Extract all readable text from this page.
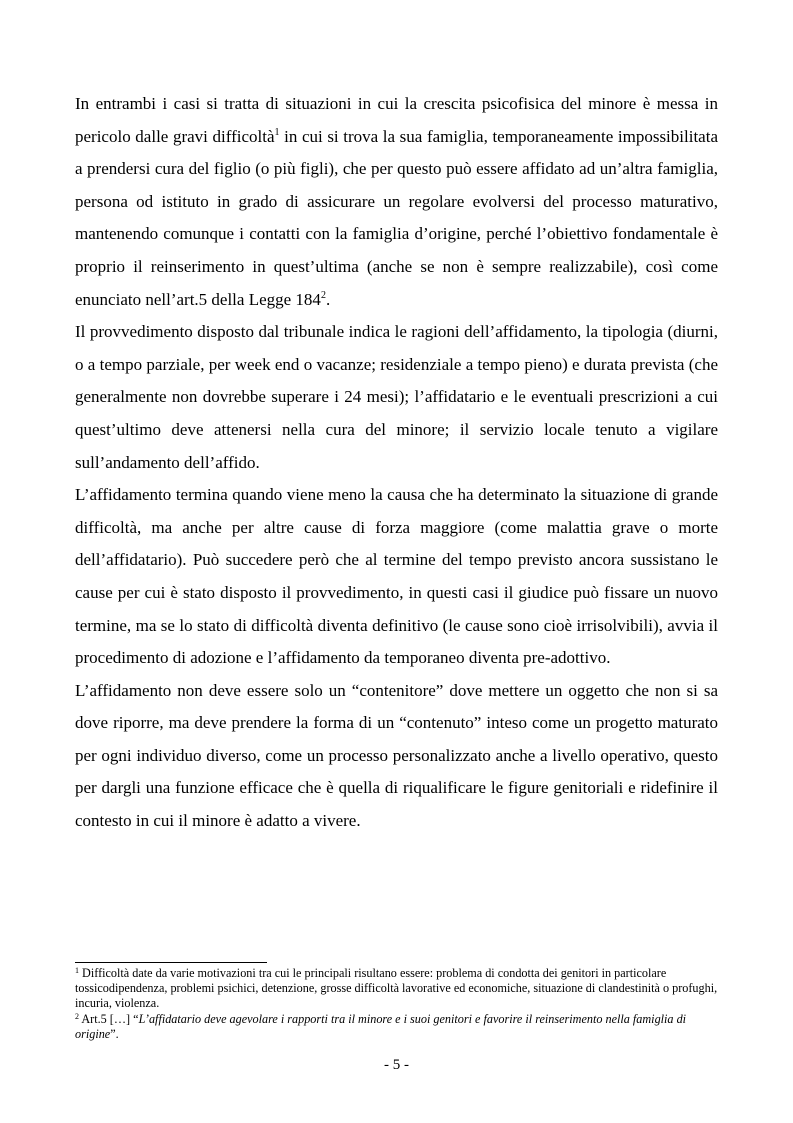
In entrambi i casi si tratta di situazioni in cui la crescita psicofisica del minore è messa in pericolo dalle gravi difficoltà$^1$ in cui si trova la sua famiglia, temporaneamente impossibilitata a prendersi cura del figlio (o più figli), che per questo può essere affidato ad un’altra famiglia, persona od istituto in grado di assicurare un regolare evolversi del processo maturativo, mantenendo comunque i contatti con la famiglia d’origine, perché l’obiettivo fondamentale è proprio il reinserimento in quest’ultima (anche se non è sempre realizzabile), così come enunciato nell’art.5 della Legge $184^2$.

Il provvedimento disposto dal tribunale indica le ragioni dell’affidamento, la tipologia (diurni, o a tempo parziale, per week end o vacanze; residenziale a tempo pieno) e durata prevista (che generalmente non dovrebbe superare i 24 mesi); l’affidatario e le eventuali prescrizioni a cui quest’ultimo deve attenersi nella cura del minore; il servizio locale tenuto a vigilare sull’andamento dell’affido.

L’affidamento termina quando viene meno la causa che ha determinato la situazione di grande difficoltà, ma anche per altre cause di forza maggiore (come malattia grave o morte dell’affidatario). Può succedere però che al termine del tempo previsto ancora sussistano le cause per cui è stato disposto il provvedimento, in questi casi il giudice può fissare un nuovo termine, ma se lo stato di difficoltà diventa definitivo (le cause sono cioè irrisolvibili), avvia il procedimento di adozione e l’affidamento da temporaneo diventa pre-adottivo.

L’affidamento non deve essere solo un “contenitore” dove mettere un oggetto che non si sa dove riporre, ma deve prendere la forma di un “contenuto” inteso come un progetto maturato per ogni individuo diverso, come un processo personalizzato anche a livello operativo, questo per dargli una funzione efficace che è quella di riqualificare le figure genitoriali e ridefinire il contesto in cui il minore è adatto a vivere.

$^1$ Difficoltà date da varie motivazioni tra cui le principali risultano essere: problema di condotta dei genitori in particolare tossicodipendenza, problemi psichici, detenzione, grosse difficoltà lavorative ed economiche, situazione di clandestinità o profughi, incuria, violenza.

$^2$ Art.5 […] “L’affidatario deve agevolare i rapporti tra il minore e i suoi genitori e favorire il reinserimento nella famiglia di origine”.

- 5 -
